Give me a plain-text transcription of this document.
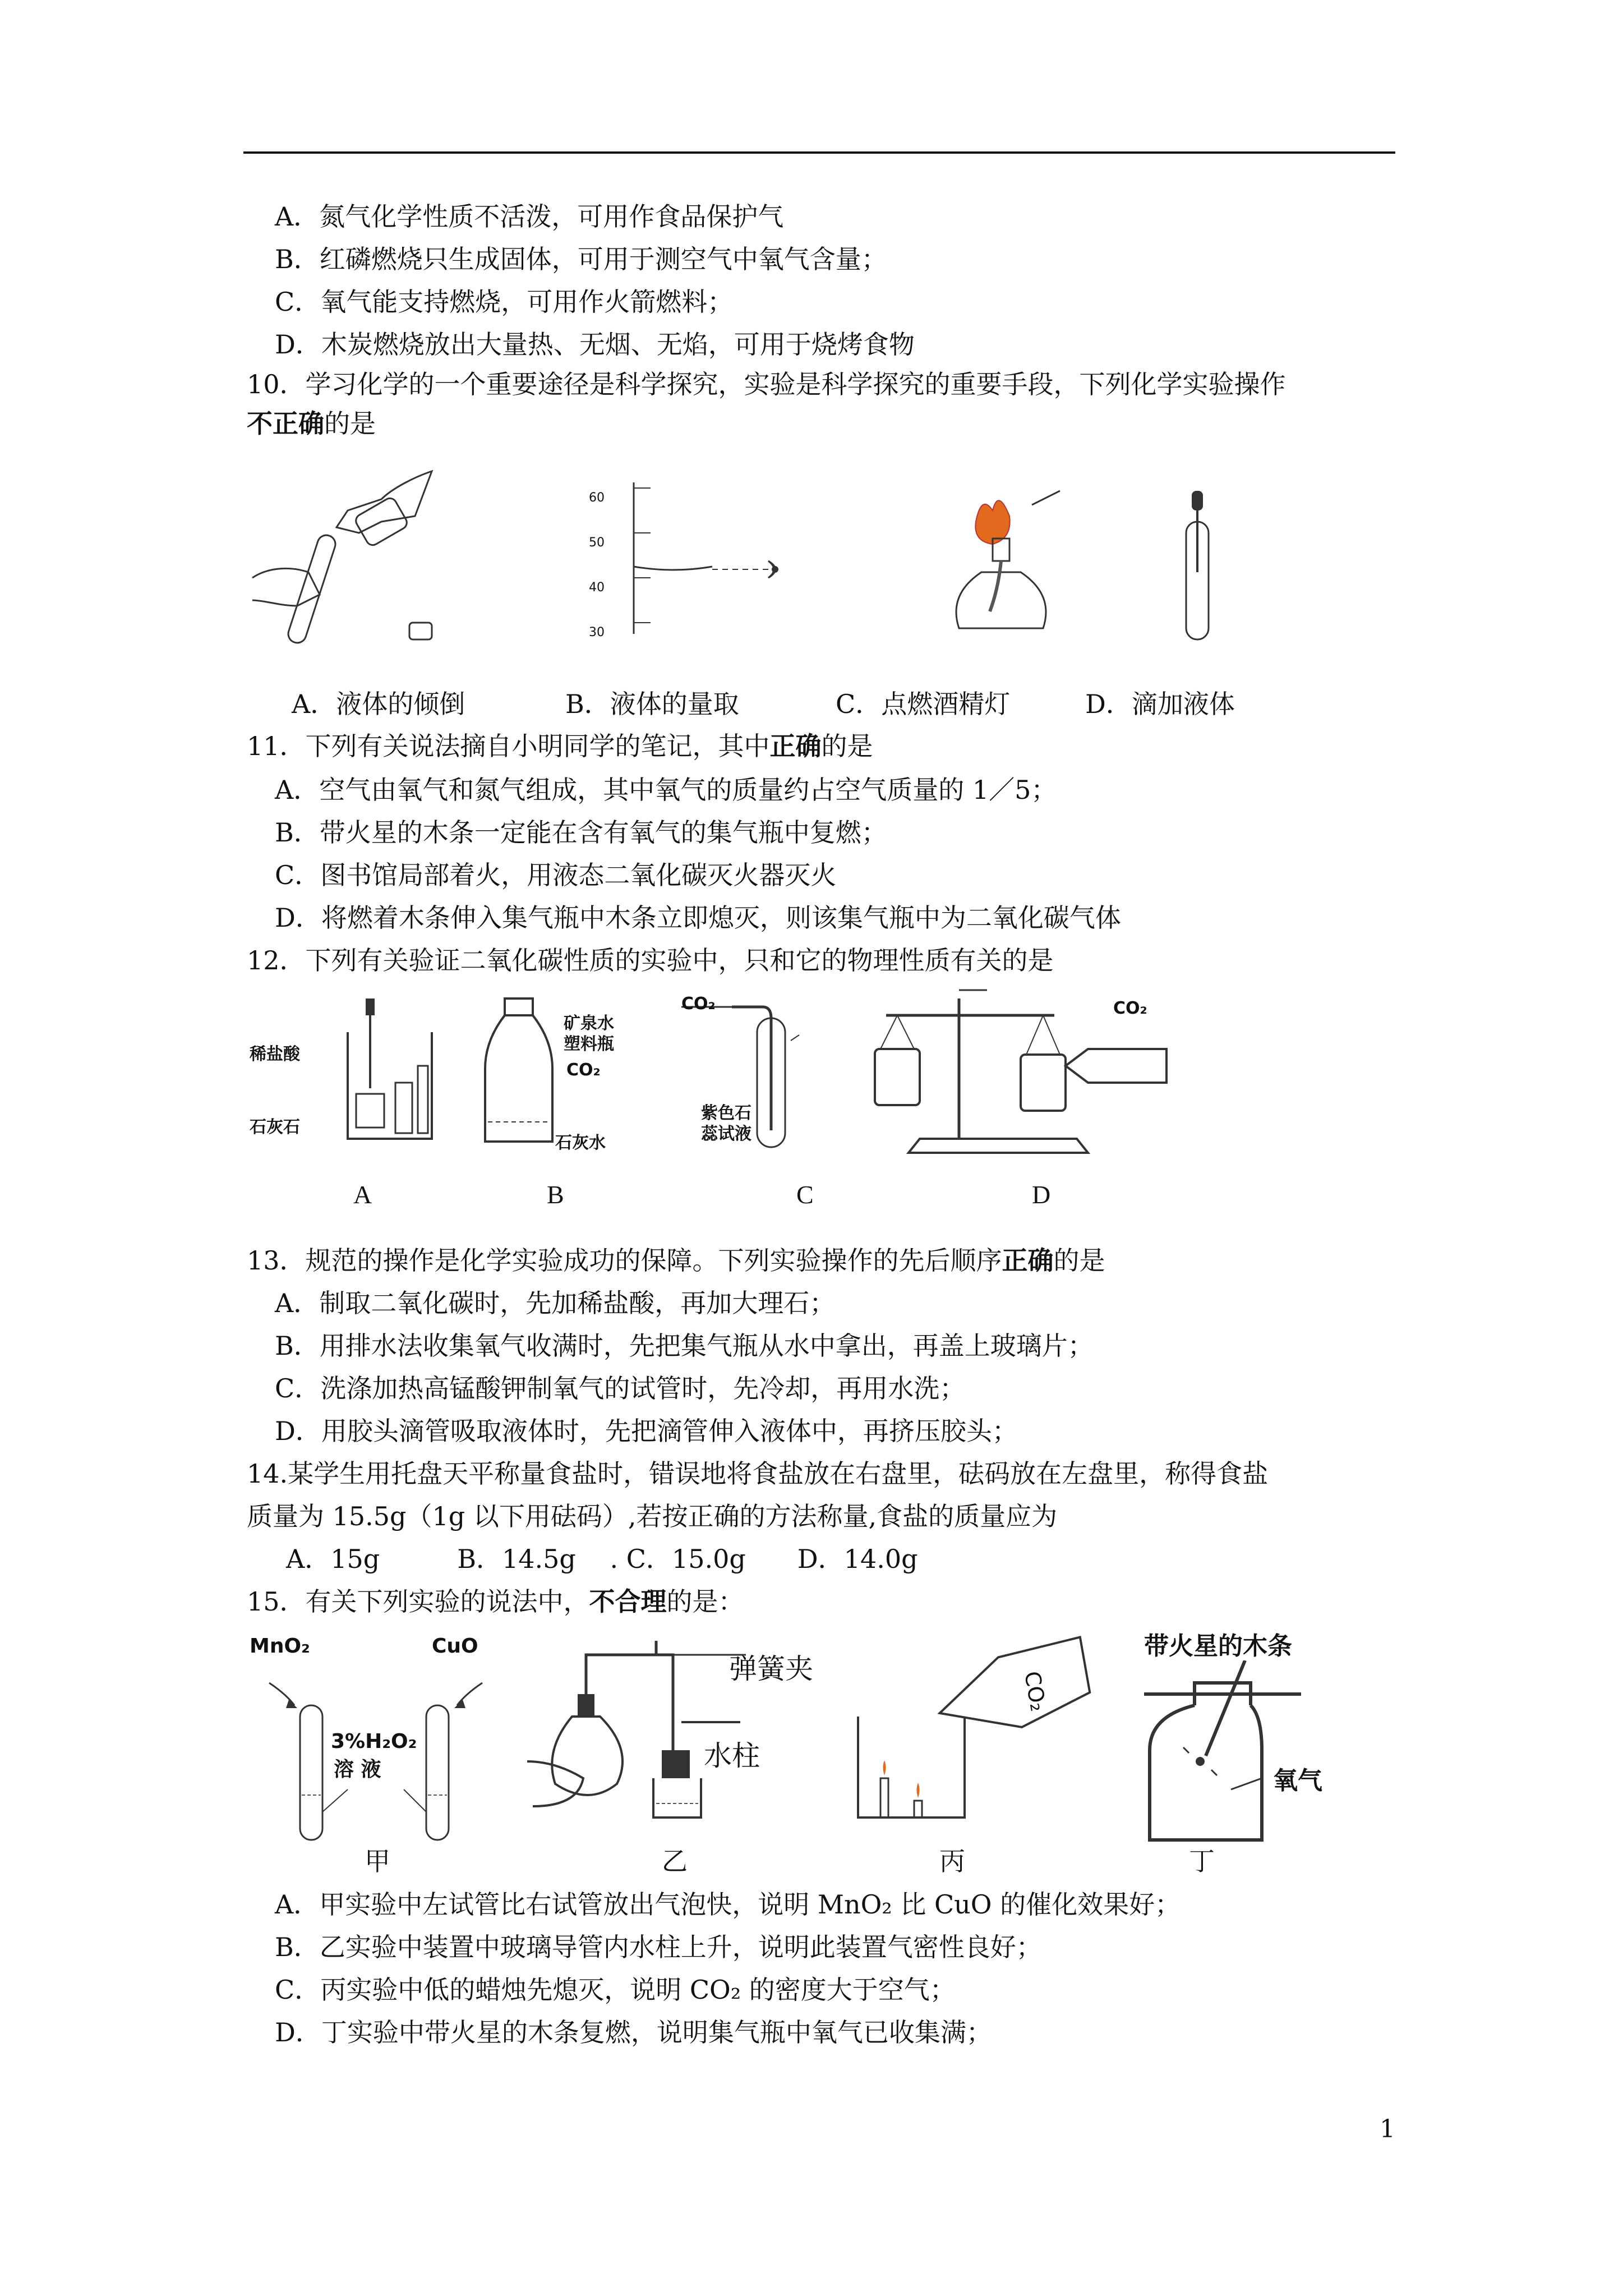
A．氮气化学性质不活泼，可用作食品保护气
B．红磷燃烧只生成固体，可用于测空气中氧气含量；
C．氧气能支持燃烧，可用作火箭燃料；
D．木炭燃烧放出大量热、无烟、无焰，可用于烧烤食物
10．学习化学的一个重要途径是科学探究，实验是科学探究的重要手段，下列化学实验操作
不正确的是
60
50
40
30
A．液体的倾倒	B．液体的量取	C．点燃酒精灯	D．滴加液体
11．下列有关说法摘自小明同学的笔记，其中正确的是
A．空气由氧气和氮气组成，其中氧气的质量约占空气质量的 1／5；
B．带火星的木条一定能在含有氧气的集气瓶中复燃；
C．图书馆局部着火，用液态二氧化碳灭火器灭火
D．将燃着木条伸入集气瓶中木条立即熄灭，则该集气瓶中为二氧化碳气体
12．下列有关验证二氧化碳性质的实验中，只和它的物理性质有关的是
稀盐酸
石灰石
矿泉水
塑料瓶
CO₂
石灰水
CO₂
紫色石
蕊试液
CO₂
A	B	C	D
13．规范的操作是化学实验成功的保障。下列实验操作的先后顺序正确的是
A．制取二氧化碳时，先加稀盐酸，再加大理石；
B．用排水法收集氧气收满时，先把集气瓶从水中拿出，再盖上玻璃片；
C．洗涤加热高锰酸钾制氧气的试管时，先冷却，再用水洗；
D．用胶头滴管吸取液体时，先把滴管伸入液体中，再挤压胶头；
14.某学生用托盘天平称量食盐时，错误地将食盐放在右盘里，砝码放在左盘里，称得食盐
质量为 15.5g（1g 以下用砝码）,若按正确的方法称量,食盐的质量应为
A．15g　　　B．14.5g　 . C．15.0g　　D．14.0g
15．有关下列实验的说法中，不合理的是：
MnO₂	CuO
3%H₂O₂
溶 液
弹簧夹
水柱
CO₂
带火星的木条
氧气
甲	乙	丙	丁
A．甲实验中左试管比右试管放出气泡快，说明 MnO₂ 比 CuO 的催化效果好；
B．乙实验中装置中玻璃导管内水柱上升，说明此装置气密性良好；
C．丙实验中低的蜡烛先熄灭，说明 CO₂ 的密度大于空气；
D．丁实验中带火星的木条复燃，说明集气瓶中氧气已收集满；
1
